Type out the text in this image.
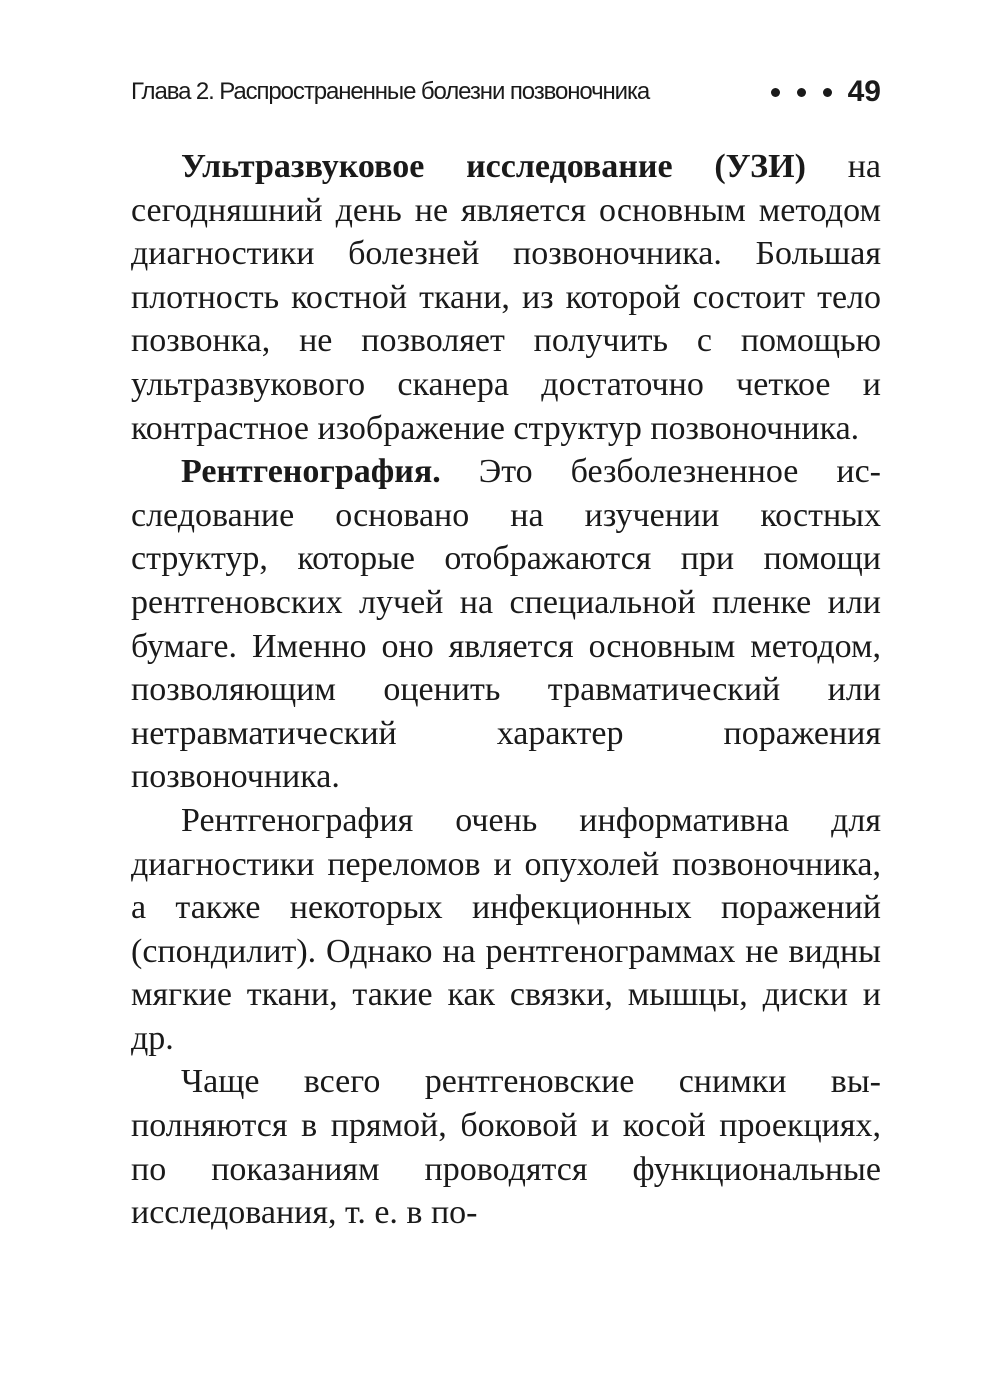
Глава 2. Распространенные болезни позвоночника	49

Ультразвуковое исследование (УЗИ) на сегодняшний день не является основным методом диагностики болезней позвоночника. Большая плотность костной ткани, из которой состоит тело позвонка, не позволяет получить с помощью ультразвукового сканера достаточно четкое и контрастное изображение структур позвоночника.

Рентгенография. Это безболезненное исследование основано на изучении костных структур, которые отображаются при помощи рентгеновских лучей на специальной пленке или бумаге. Именно оно является основным методом, позволяющим оценить травматический или нетравматический характер поражения позвоночника.

Рентгенография очень информативна для диагностики переломов и опухолей позвоночника, а также некоторых инфекционных поражений (спондилит). Однако на рентгенограммах не видны мягкие ткани, такие как связки, мышцы, диски и др.

Чаще всего рентгеновские снимки выполняются в прямой, боковой и косой проекциях, по показаниям проводятся функциональные исследования, т. е. в по-
